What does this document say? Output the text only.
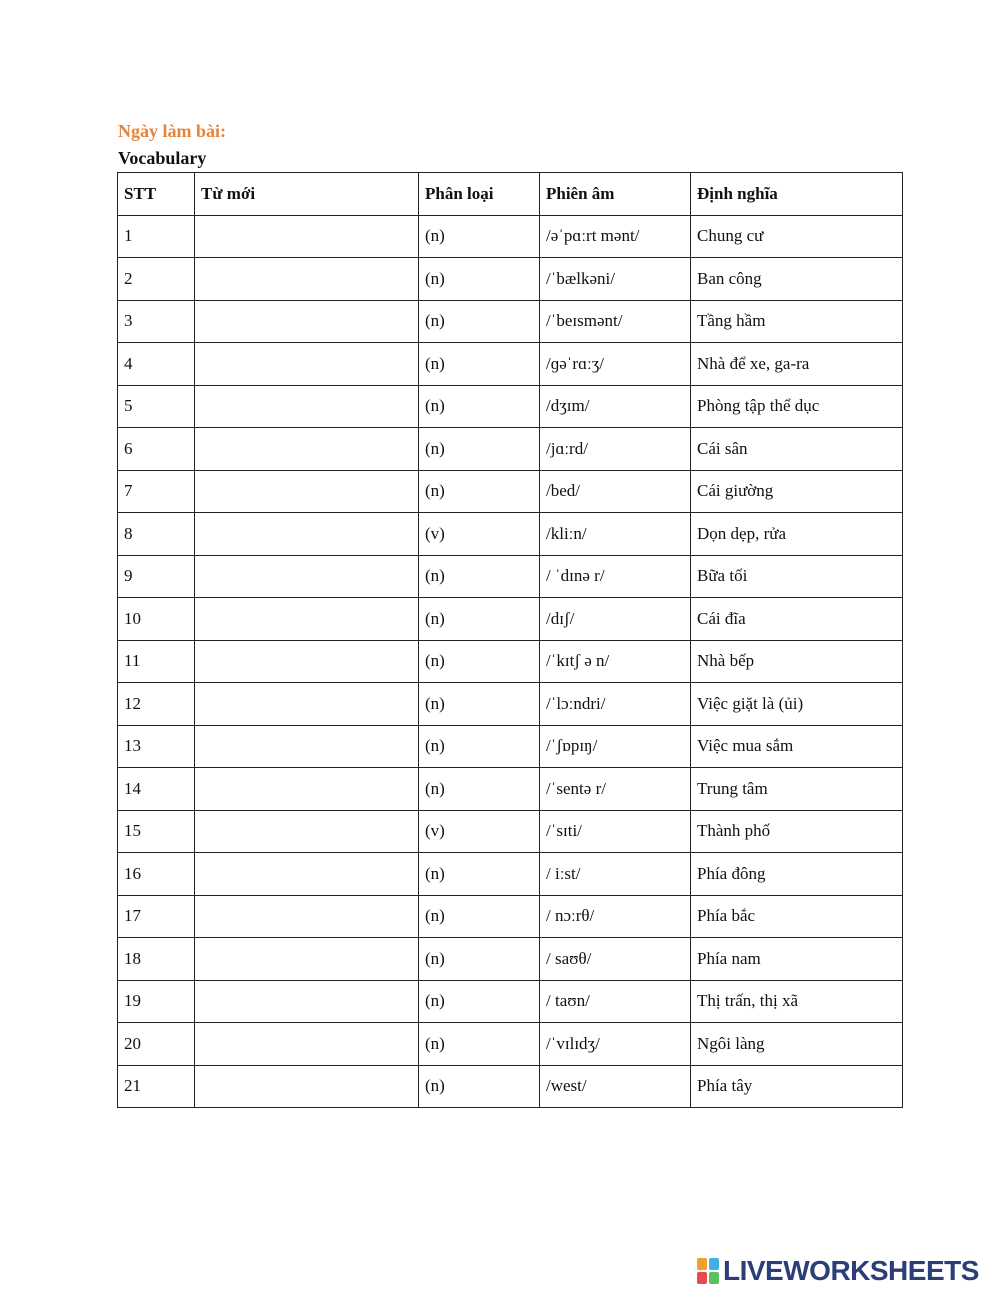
Ngày làm bài:
Vocabulary
STT	Từ mới	Phân loại	Phiên âm	Định nghĩa
1		(n)	/əˈpɑːrt mənt/	Chung cư
2		(n)	/ˈbælkəni/	Ban công
3		(n)	/ˈbeɪsmənt/	Tầng hầm
4		(n)	/ɡəˈrɑːʒ/	Nhà để xe, ga-ra
5		(n)	/dʒɪm/	Phòng tập thể dục
6		(n)	/jɑːrd/	Cái sân
7		(n)	/bed/	Cái giường
8		(v)	/kliːn/	Dọn dẹp, rửa
9		(n)	/ ˈdɪnə r/	Bữa tối
10		(n)	/dɪʃ/	Cái đĩa
11		(n)	/ˈkɪtʃ ə n/	Nhà bếp
12		(n)	/ˈlɔːndri/	Việc giặt là (ủi)
13		(n)	/ˈʃɒpɪŋ/	Việc mua sắm
14		(n)	/ˈsentə r/	Trung tâm
15		(v)	/ˈsɪti/	Thành phố
16		(n)	/ iːst/	Phía đông
17		(n)	/ nɔːrθ/	Phía bắc
18		(n)	/ saʊθ/	Phía nam
19		(n)	/ taʊn/	Thị trấn, thị xã
20		(n)	/ˈvɪlɪdʒ/	Ngôi làng
21		(n)	/west/	Phía tây
LIVEWORKSHEETS
